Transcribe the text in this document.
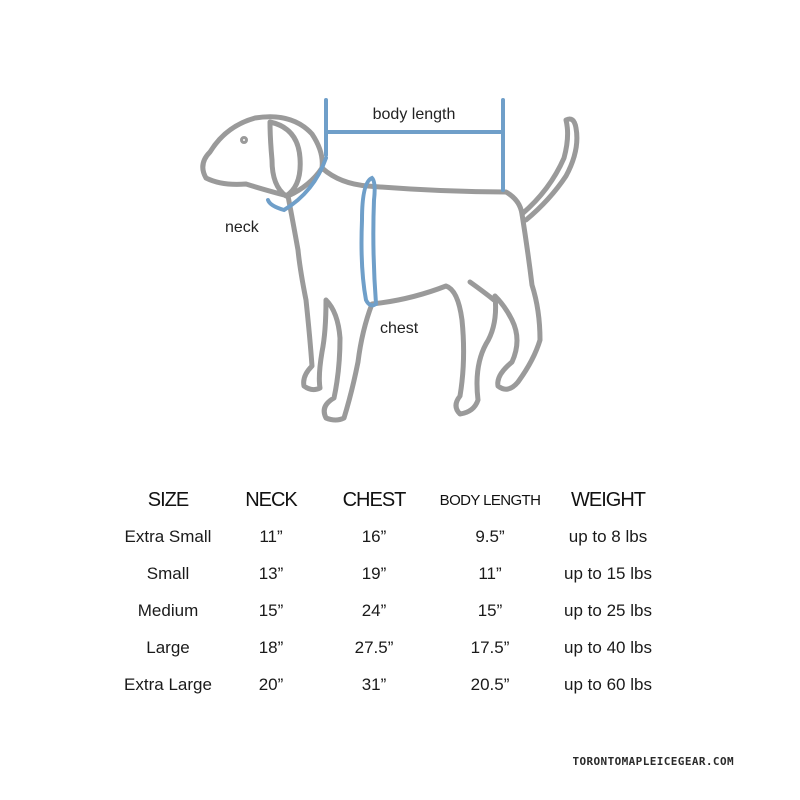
body length
neck
chest
SIZE	NECK	CHEST	BODY LENGTH	WEIGHT
Extra Small	11”	16”	9.5”	up to 8 lbs
Small	13”	19”	11”	up to 15 lbs
Medium	15”	24”	15”	up to 25 lbs
Large	18”	27.5”	17.5”	up to 40 lbs
Extra Large	20”	31”	20.5”	up to 60 lbs
TORONTOMAPLEICEGEAR.COM
